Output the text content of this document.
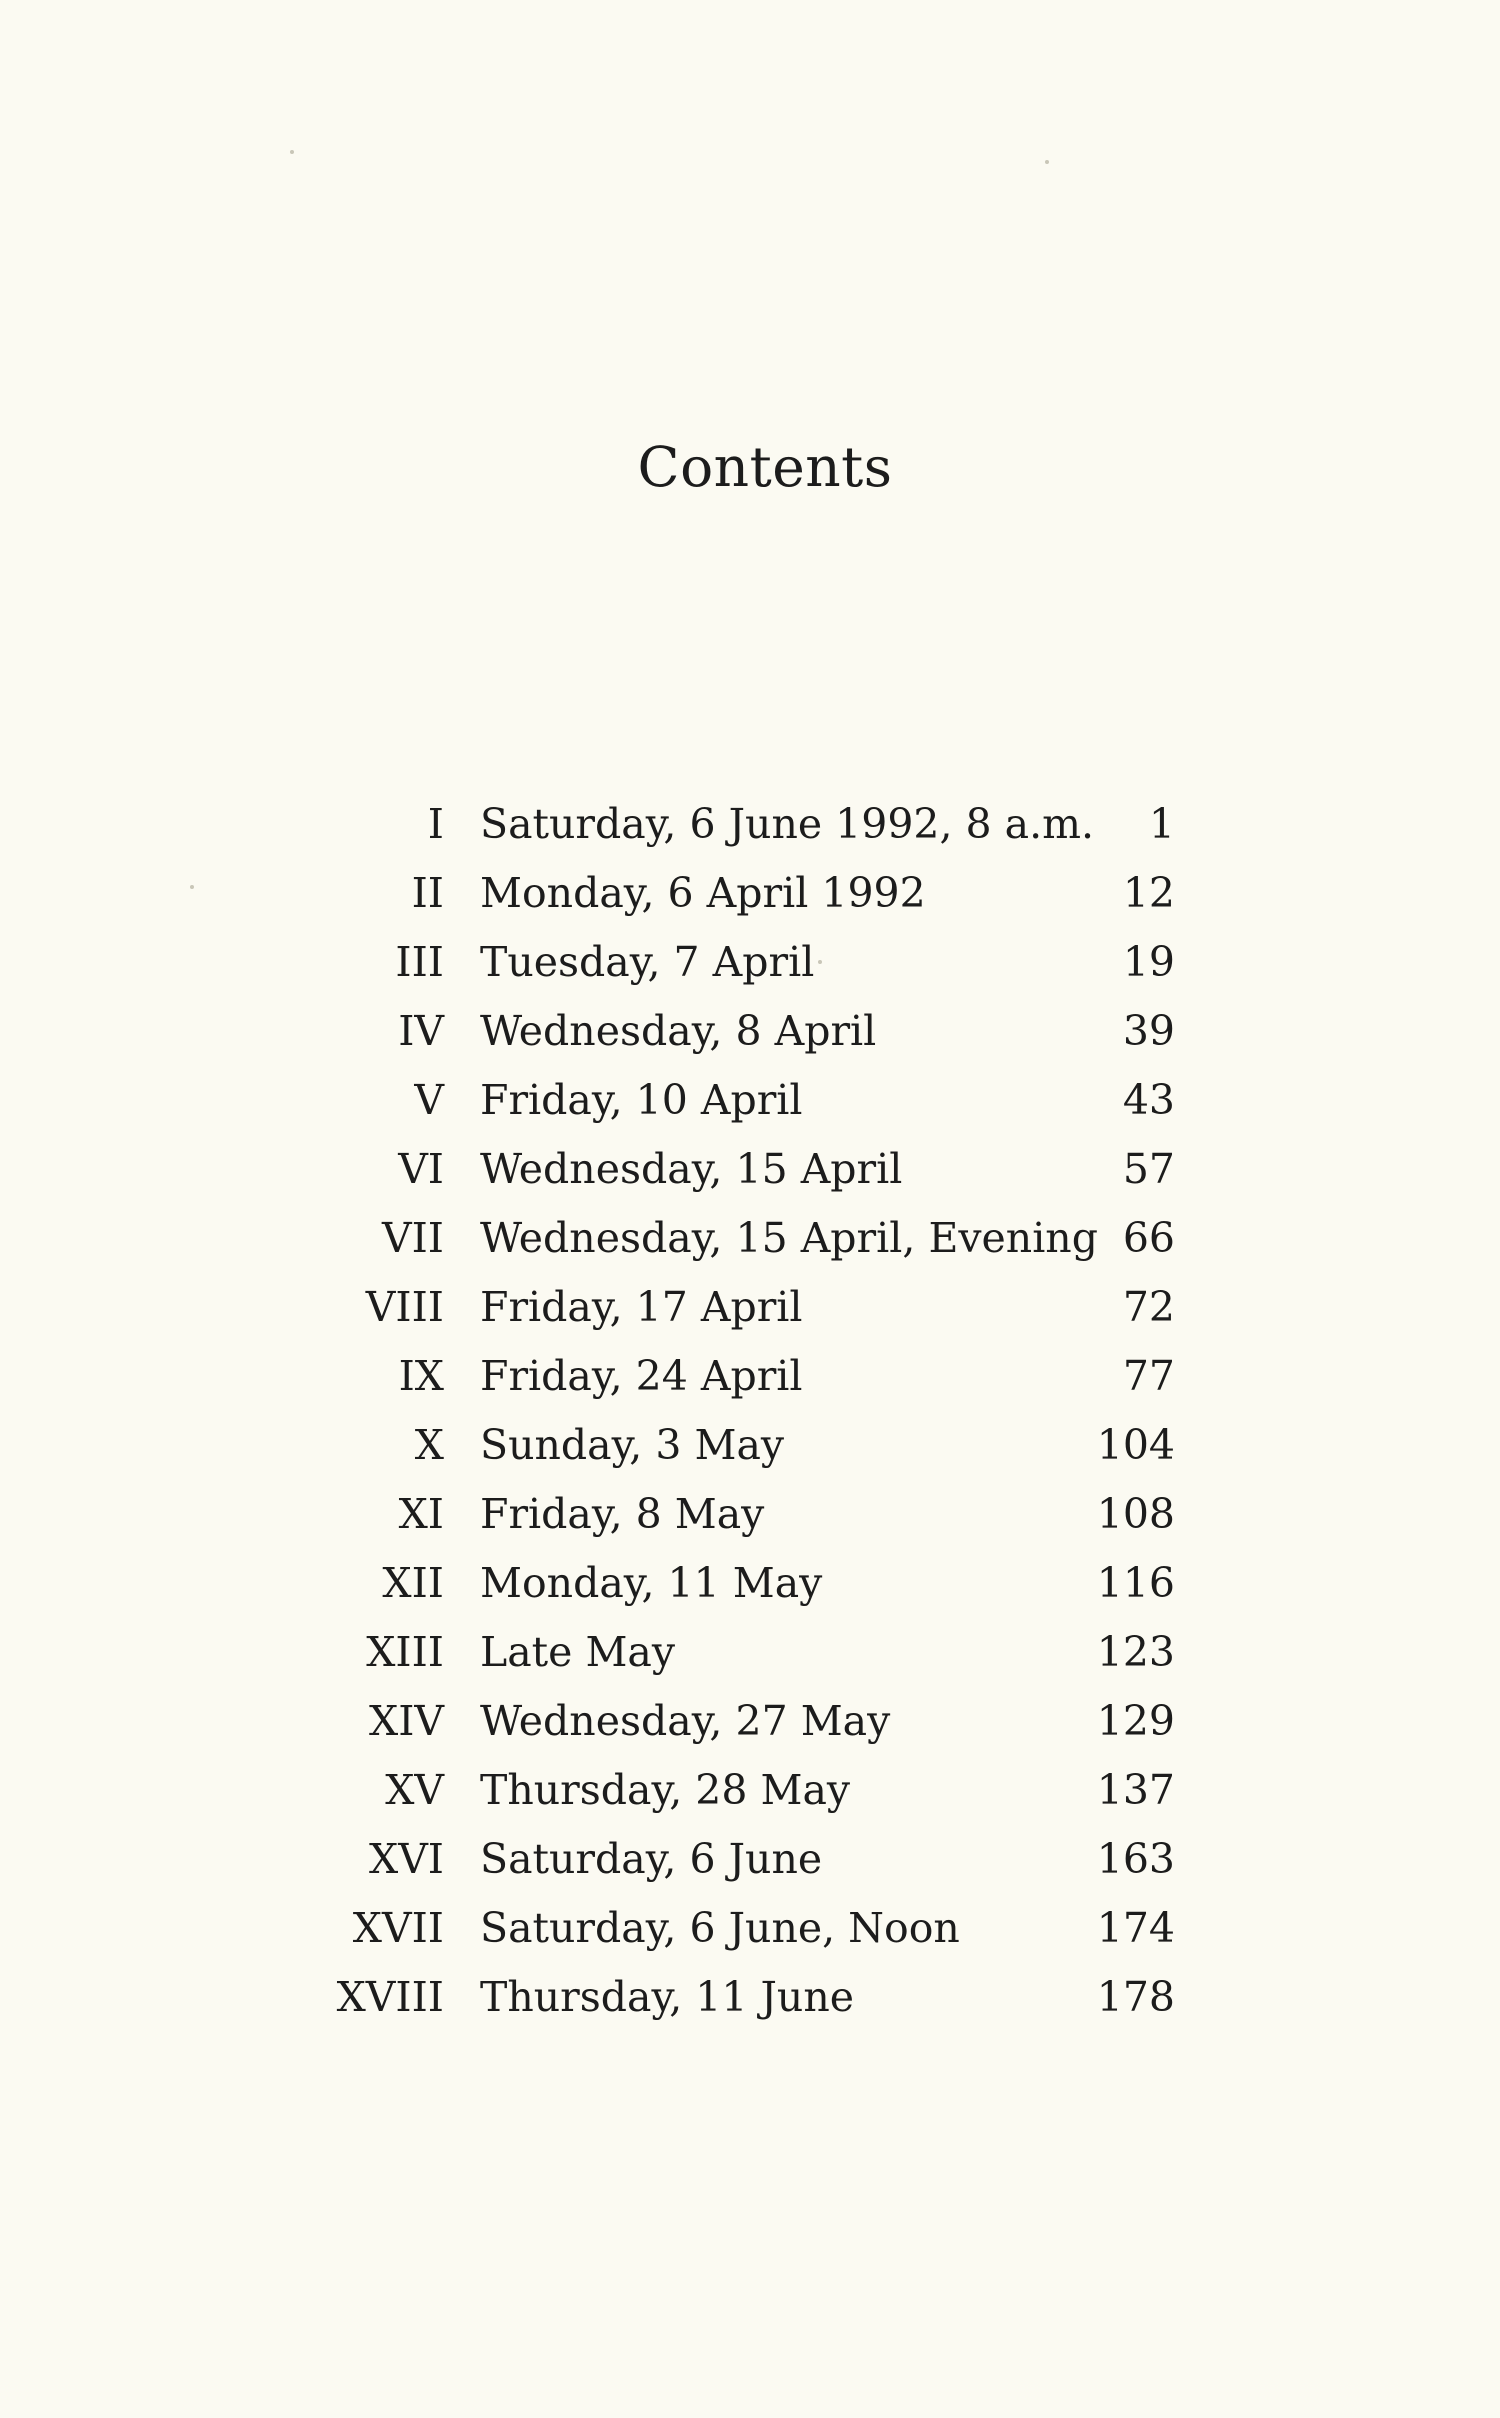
Contents
I Saturday, 6 June 1992, 8 a.m. 1
II Monday, 6 April 1992	12
III Tuesday, 7 April	19
IV Wednesday, 8 April	39
V Friday, 10 April	43
VI Wednesday, 15 April	57
VII Wednesday, 15 April, Evening 66
VIII Friday, 17 April	72
IX Friday, 24 April	77
X Sunday, 3 May	104
XI Friday, 8 May	108
XII Monday, 11 May	116
XIII Late May	123
XIV Wednesday, 27 May	129
XV Thursday, 28 May	137
XVI Saturday, 6 June	163
XVII Saturday, 6 June, Noon	174
XVIII Thursday, 11 June	178
